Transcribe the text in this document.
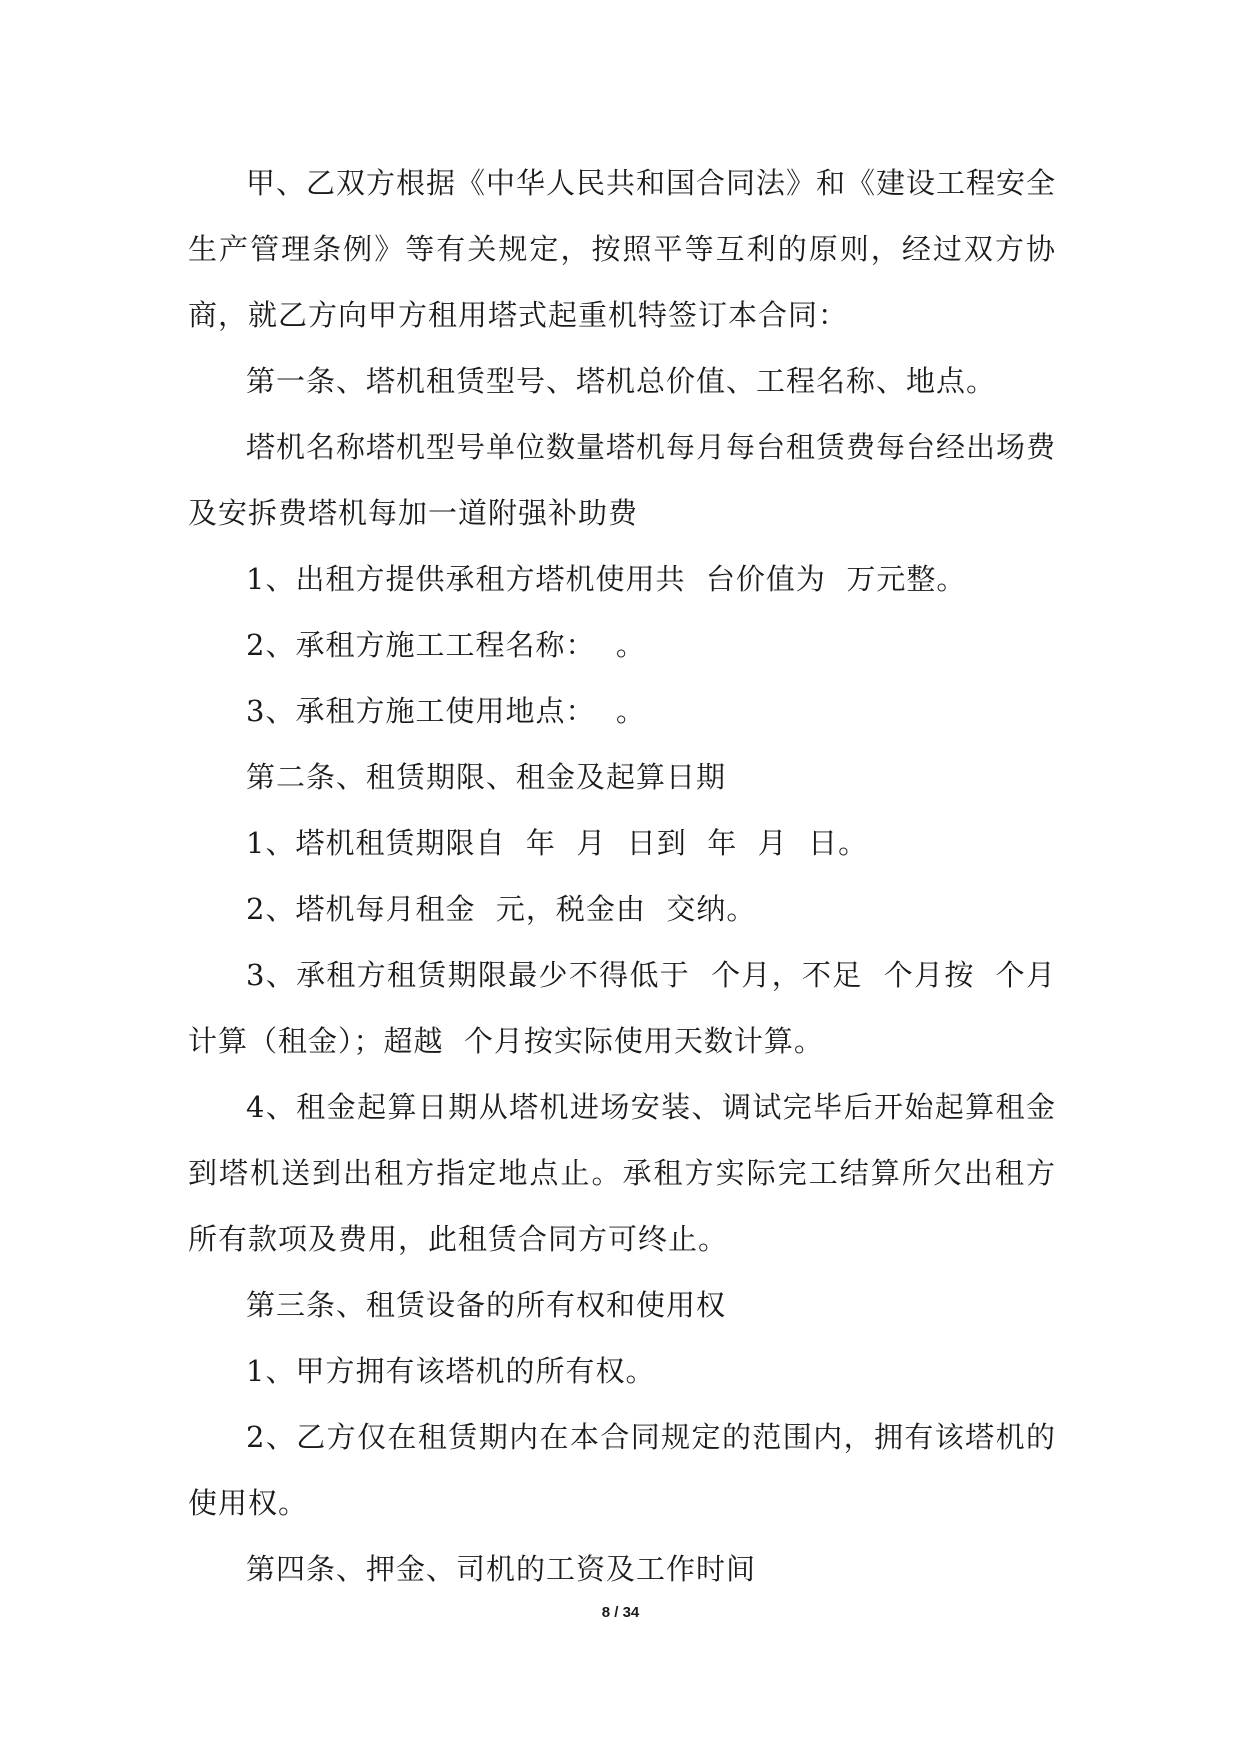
甲、乙双方根据《中华人民共和国合同法》和《建设工程安全生产管理条例》等有关规定，按照平等互利的原则，经过双方协商，就乙方向甲方租用塔式起重机特签订本合同：

第一条、塔机租赁型号、塔机总价值、工程名称、地点。

塔机名称塔机型号单位数量塔机每月每台租赁费每台经出场费及安拆费塔机每加一道附强补助费

1、出租方提供承租方塔机使用共  台价值为  万元整。

2、承租方施工工程名称：  。

3、承租方施工使用地点：  。

第二条、租赁期限、租金及起算日期

1、塔机租赁期限自  年  月  日到  年  月  日。

2、塔机每月租金  元，税金由  交纳。

3、承租方租赁期限最少不得低于  个月，不足  个月按  个月计算（租金）；超越  个月按实际使用天数计算。

4、租金起算日期从塔机进场安装、调试完毕后开始起算租金到塔机送到出租方指定地点止。承租方实际完工结算所欠出租方所有款项及费用，此租赁合同方可终止。

第三条、租赁设备的所有权和使用权

1、甲方拥有该塔机的所有权。

2、乙方仅在租赁期内在本合同规定的范围内，拥有该塔机的使用权。

第四条、押金、司机的工资及工作时间

8 / 34
